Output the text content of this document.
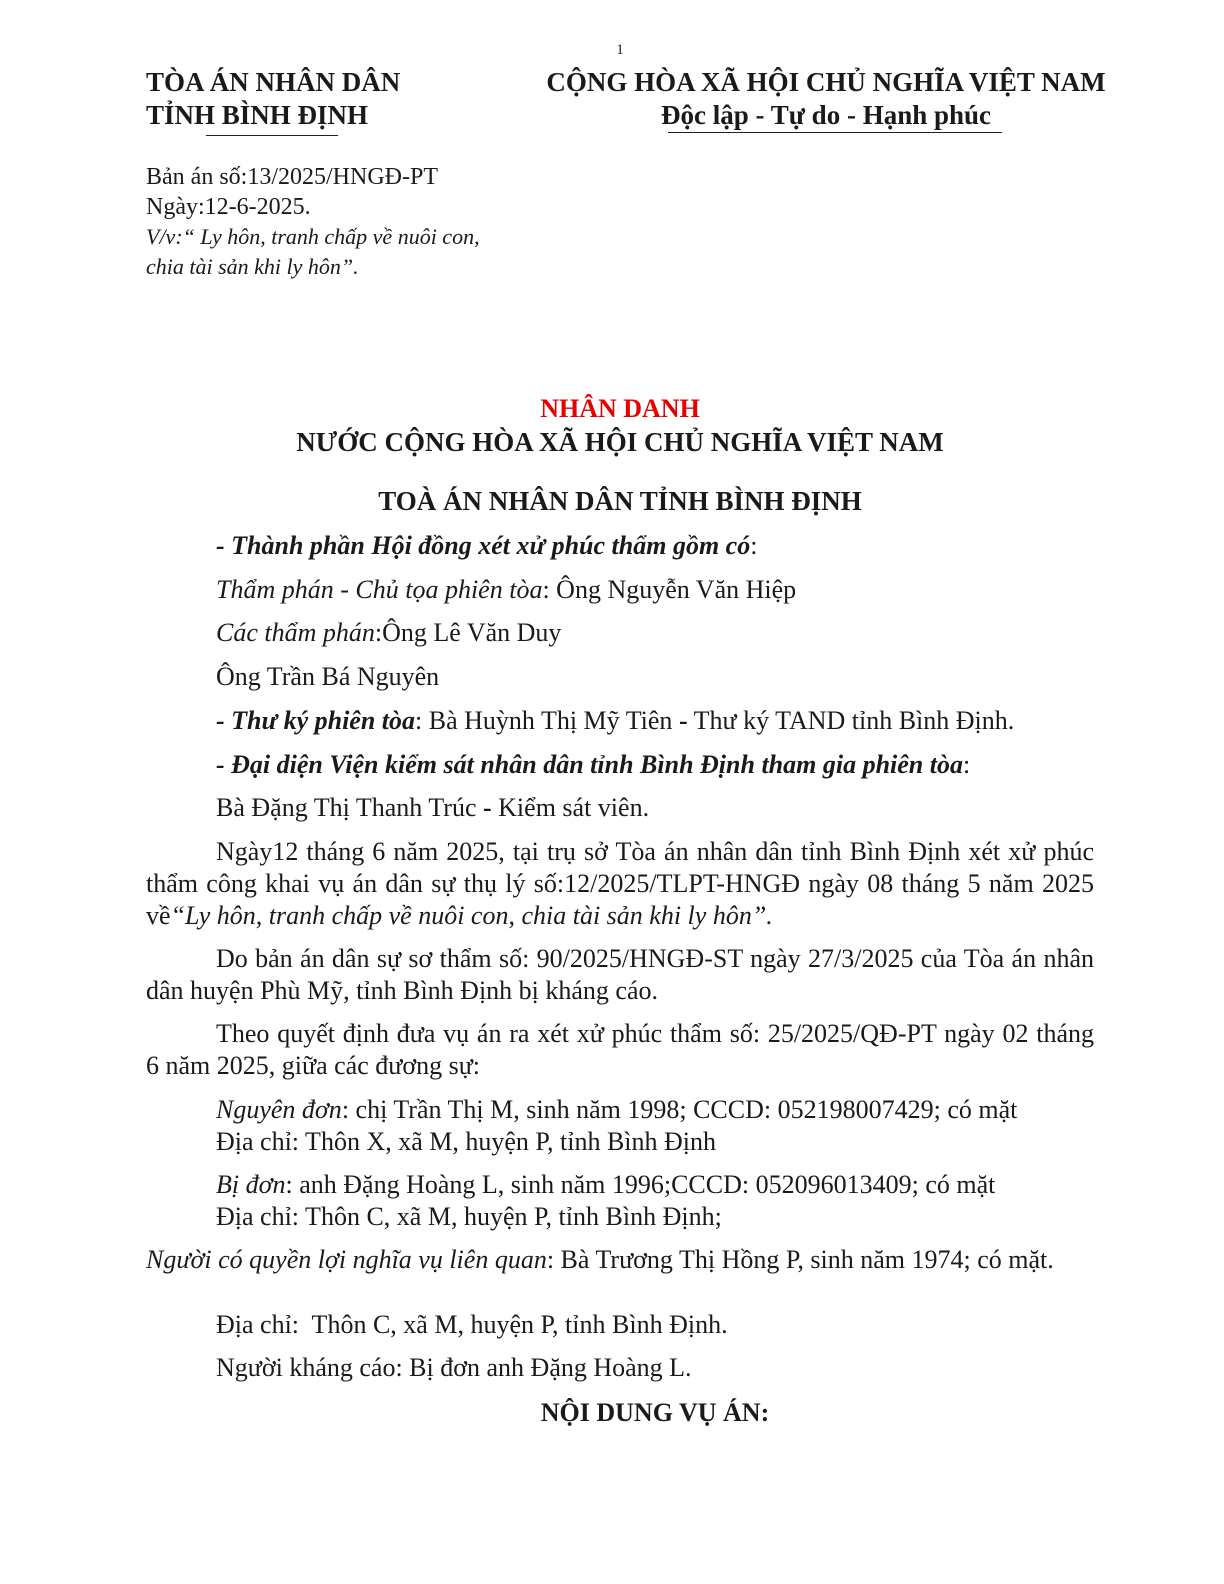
1
TÒA ÁN NHÂN DÂN
TỈNH BÌNH ĐỊNH
CỘNG HÒA XÃ HỘI CHỦ NGHĨA VIỆT NAM
Độc lập - Tự do - Hạnh phúc
Bản án số:13/2025/HNGĐ-PT
Ngày:12-6-2025.
V/v:“ Ly hôn, tranh chấp về nuôi con,
chia tài sản khi ly hôn”.
NHÂN DANH
NƯỚC CỘNG HÒA XÃ HỘI CHỦ NGHĨA VIỆT NAM
TOÀ ÁN NHÂN DÂN TỈNH BÌNH ĐỊNH
- Thành phần Hội đồng xét xử phúc thẩm gồm có:
Thẩm phán - Chủ tọa phiên tòa: Ông Nguyễn Văn Hiệp
Các thẩm phán:Ông Lê Văn Duy
Ông Trần Bá Nguyên
- Thư ký phiên tòa: Bà Huỳnh Thị Mỹ Tiên - Thư ký TAND tỉnh Bình Định.
- Đại diện Viện kiểm sát nhân dân tỉnh Bình Định tham gia phiên tòa:
Bà Đặng Thị Thanh Trúc - Kiểm sát viên.
Ngày12 tháng 6 năm 2025, tại trụ sở Tòa án nhân dân tỉnh Bình Định xét xử phúc thẩm công khai vụ án dân sự thụ lý số:12/2025/TLPT-HNGĐ ngày 08 tháng 5 năm 2025 về“Ly hôn, tranh chấp về nuôi con, chia tài sản khi ly hôn”.
Do bản án dân sự sơ thẩm số: 90/2025/HNGĐ-ST ngày 27/3/2025 của Tòa án nhân dân huyện Phù Mỹ, tỉnh Bình Định bị kháng cáo.
Theo quyết định đưa vụ án ra xét xử phúc thẩm số: 25/2025/QĐ-PT ngày 02 tháng 6 năm 2025, giữa các đương sự:
Nguyên đơn: chị Trần Thị M, sinh năm 1998; CCCD: 052198007429; có mặt
Địa chỉ: Thôn X, xã M, huyện P, tỉnh Bình Định
Bị đơn: anh Đặng Hoàng L, sinh năm 1996;CCCD: 052096013409; có mặt
Địa chỉ: Thôn C, xã M, huyện P, tỉnh Bình Định;
Người có quyền lợi nghĩa vụ liên quan: Bà Trương Thị Hồng P, sinh năm 1974; có mặt.
Địa chỉ:  Thôn C, xã M, huyện P, tỉnh Bình Định.
Người kháng cáo: Bị đơn anh Đặng Hoàng L.
NỘI DUNG VỤ ÁN:
